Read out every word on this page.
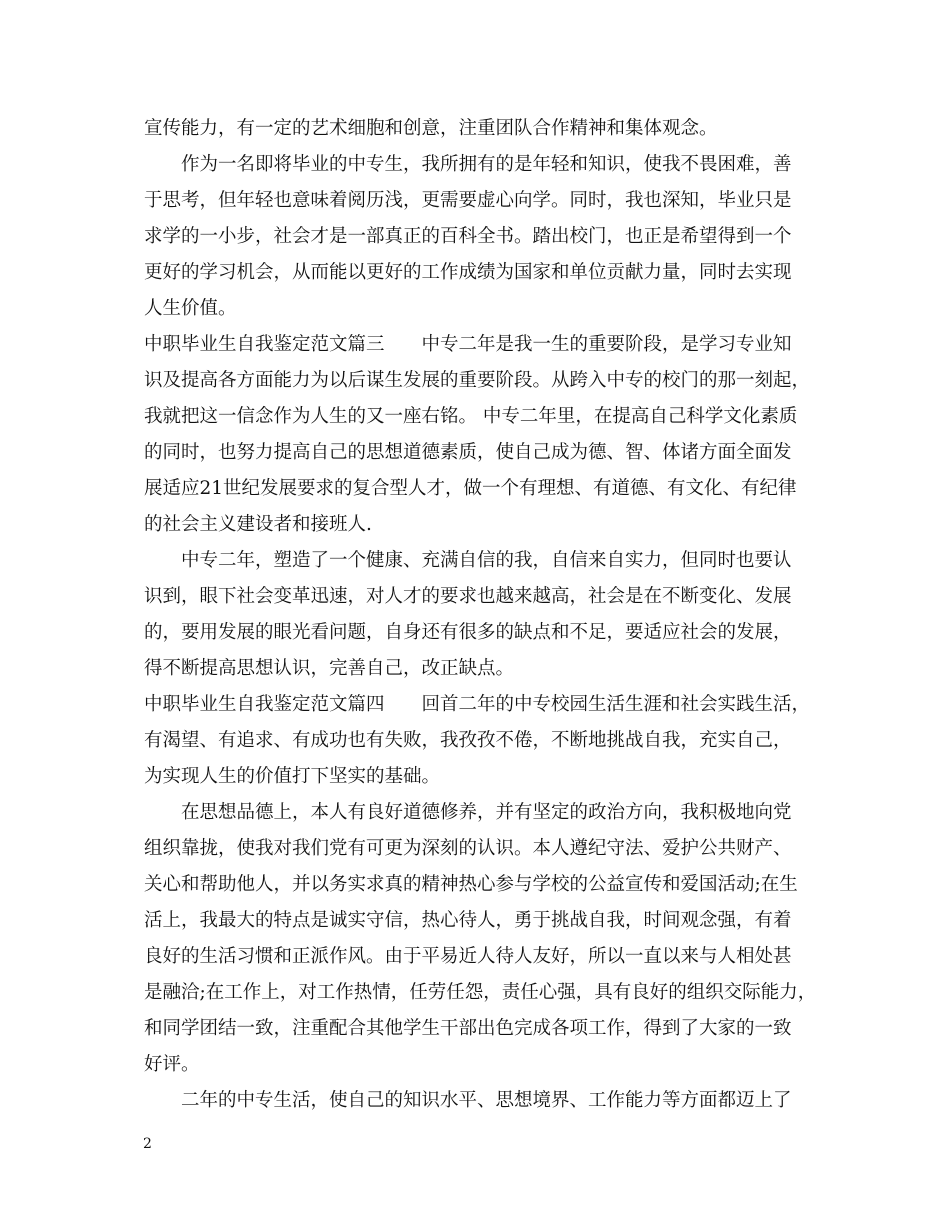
宣传能力，有一定的艺术细胞和创意，注重团队合作精神和集体观念。
作为一名即将毕业的中专生，我所拥有的是年轻和知识，使我不畏困难，善
于思考，但年轻也意味着阅历浅，更需要虚心向学。同时，我也深知，毕业只是
求学的一小步，社会才是一部真正的百科全书。踏出校门，也正是希望得到一个
更好的学习机会，从而能以更好的工作成绩为国家和单位贡献力量，同时去实现
人生价值。
中职毕业生自我鉴定范文篇三　　中专二年是我一生的重要阶段，是学习专业知
识及提高各方面能力为以后谋生发展的重要阶段。从跨入中专的校门的那一刻起，
我就把这一信念作为人生的又一座右铭。 中专二年里，在提高自己科学文化素质
的同时，也努力提高自己的思想道德素质，使自己成为德、智、体诸方面全面发
展适应21世纪发展要求的复合型人才，做一个有理想、有道德、有文化、有纪律
的社会主义建设者和接班人.
中专二年，塑造了一个健康、充满自信的我，自信来自实力，但同时也要认
识到，眼下社会变革迅速，对人才的要求也越来越高，社会是在不断变化、发展
的，要用发展的眼光看问题，自身还有很多的缺点和不足，要适应社会的发展，
得不断提高思想认识，完善自己，改正缺点。
中职毕业生自我鉴定范文篇四　　回首二年的中专校园生活生涯和社会实践生活，
有渴望、有追求、有成功也有失败，我孜孜不倦，不断地挑战自我，充实自己，
为实现人生的价值打下坚实的基础。
在思想品德上，本人有良好道德修养，并有坚定的政治方向，我积极地向党
组织靠拢，使我对我们党有可更为深刻的认识。本人遵纪守法、爱护公共财产、
关心和帮助他人，并以务实求真的精神热心参与学校的公益宣传和爱国活动;在生
活上，我最大的特点是诚实守信，热心待人，勇于挑战自我，时间观念强，有着
良好的生活习惯和正派作风。由于平易近人待人友好，所以一直以来与人相处甚
是融洽;在工作上，对工作热情，任劳任怨，责任心强，具有良好的组织交际能力，
和同学团结一致，注重配合其他学生干部出色完成各项工作，得到了大家的一致
好评。
二年的中专生活，使自己的知识水平、思想境界、工作能力等方面都迈上了
2
